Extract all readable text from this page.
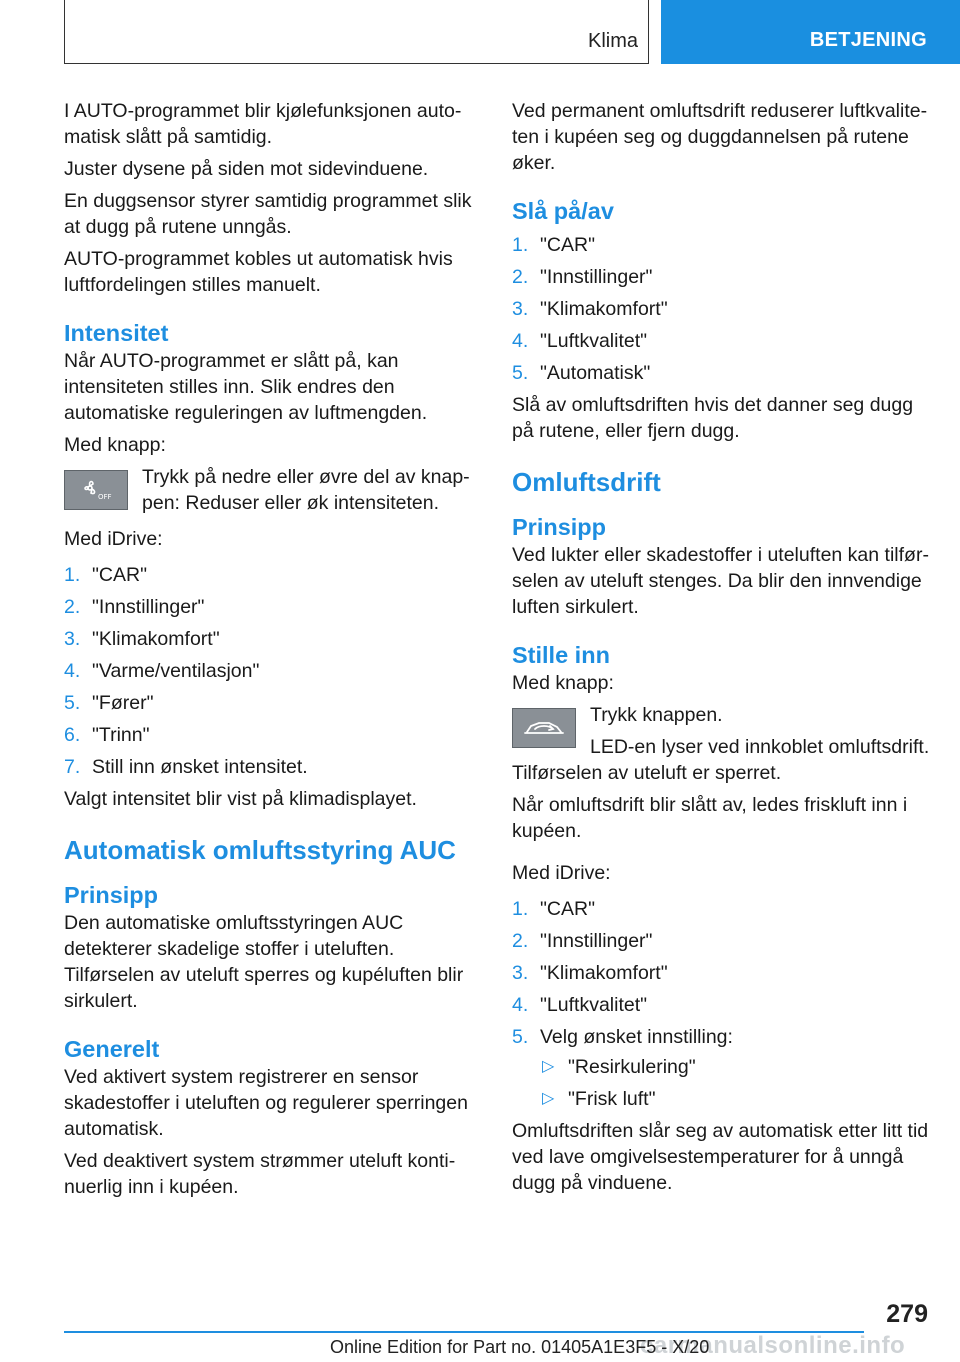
Klima	BETJENING

I AUTO-programmet blir kjølefunksjonen automatisk slått på samtidig.

Juster dysene på siden mot sidevinduene.

En duggsensor styrer samtidig programmet slik at dugg på rutene unngås.

AUTO-programmet kobles ut automatisk hvis luftfordelingen stilles manuelt.

Intensitet

Når AUTO-programmet er slått på, kan intensiteten stilles inn. Slik endres den automatiske reguleringen av luftmengden.

Med knapp:

OFF
Trykk på nedre eller øvre del av knappen: Reduser eller øk intensiteten.

Med iDrive:

1. "CAR"
2. "Innstillinger"
3. "Klimakomfort"
4. "Varme/ventilasjon"
5. "Fører"
6. "Trinn"
7. Still inn ønsket intensitet.

Valgt intensitet blir vist på klimadisplayet.

Automatisk omluftsstyring AUC
Prinsipp

Den automatiske omluftsstyringen AUC detekterer skadelige stoffer i uteluften. Tilførselen av uteluft sperres og kupéluften blir sirkulert.

Generelt

Ved aktivert system registrerer en sensor skadestoffer i uteluften og regulerer sperringen automatisk.

Ved deaktivert system strømmer uteluft kontinuerlig inn i kupéen.

Ved permanent omluftsdrift reduserer luftkvaliteten i kupéen seg og duggdannelsen på rutene øker.

Slå på/av
1. "CAR"
2. "Innstillinger"
3. "Klimakomfort"
4. "Luftkvalitet"
5. "Automatisk"

Slå av omluftsdriften hvis det danner seg dugg på rutene, eller fjern dugg.

Omluftsdrift
Prinsipp

Ved lukter eller skadestoffer i uteluften kan tilførselen av uteluft stenges. Da blir den innvendige luften sirkulert.

Stille inn

Med knapp:

Trykk knappen.

LED-en lyser ved innkoblet omluftsdrift.

Tilførselen av uteluft er sperret.

Når omluftsdrift blir slått av, ledes friskluft inn i kupéen.

Med iDrive:

1. "CAR"
2. "Innstillinger"
3. "Klimakomfort"
4. "Luftkvalitet"
5. Velg ønsket innstilling:
▷ "Resirkulering"
▷ "Frisk luft"

Omluftsdriften slår seg av automatisk etter litt tid ved lave omgivelsestemperaturer for å unngå dugg på vinduene.

279
carmanualsonline.info
Online Edition for Part no. 01405A1E3F5 - X/20
